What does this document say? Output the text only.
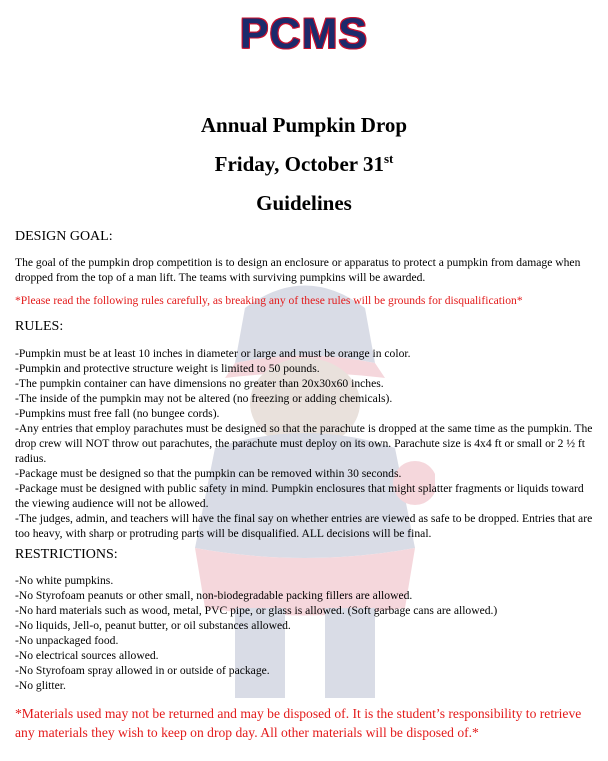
PCMS
Annual Pumpkin Drop
Friday, October 31st
Guidelines
DESIGN GOAL:
The goal of the pumpkin drop competition is to design an enclosure or apparatus to protect a pumpkin from damage when dropped from the top of a man lift. The teams with surviving pumpkins will be awarded.
*Please read the following rules carefully, as breaking any of these rules will be grounds for disqualification*
RULES:
-Pumpkin must be at least 10 inches in diameter or large and must be orange in color.
-Pumpkin and protective structure weight is limited to 50 pounds.
-The pumpkin container can have dimensions no greater than 20x30x60 inches.
-The inside of the pumpkin may not be altered (no freezing or adding chemicals).
-Pumpkins must free fall (no bungee cords).
-Any entries that employ parachutes must be designed so that the parachute is dropped at the same time as the pumpkin. The drop crew will NOT throw out parachutes, the parachute must deploy on its own. Parachute size is 4x4 ft or small or 2 ½ ft radius.
-Package must be designed so that the pumpkin can be removed within 30 seconds.
-Package must be designed with public safety in mind. Pumpkin enclosures that might splatter fragments or liquids toward the viewing audience will not be allowed.
-The judges, admin, and teachers will have the final say on whether entries are viewed as safe to be dropped. Entries that are too heavy, with sharp or protruding parts will be disqualified. ALL decisions will be final.
RESTRICTIONS:
-No white pumpkins.
-No Styrofoam peanuts or other small, non-biodegradable packing fillers are allowed.
-No hard materials such as wood, metal, PVC pipe, or glass is allowed. (Soft garbage cans are allowed.)
-No liquids, Jell-o, peanut butter, or oil substances allowed.
-No unpackaged food.
-No electrical sources allowed.
-No Styrofoam spray allowed in or outside of package.
-No glitter.
*Materials used may not be returned and may be disposed of. It is the student’s responsibility to retrieve any materials they wish to keep on drop day. All other materials will be disposed of.*
